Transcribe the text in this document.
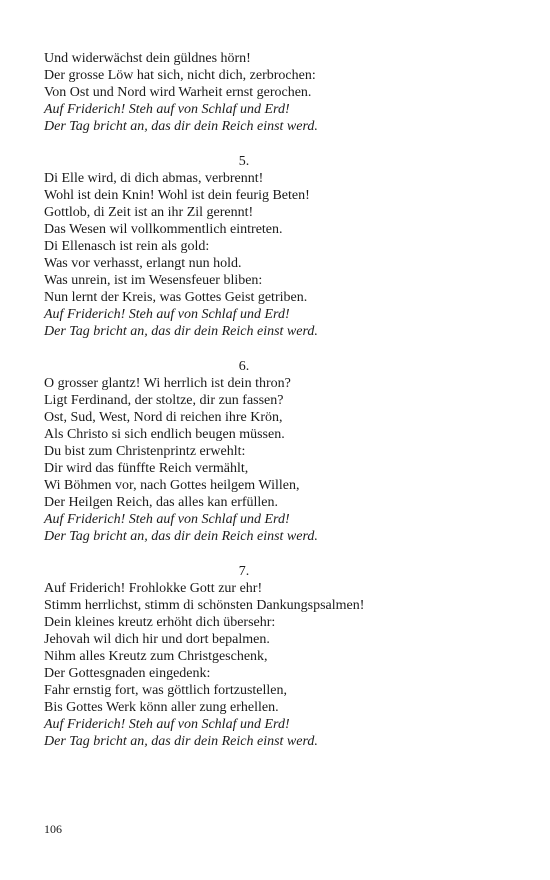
Und widerwächst dein güldnes hörn!
Der grosse Löw hat sich, nicht dich, zerbrochen:
Von Ost und Nord wird Warheit ernst gerochen.
Auf Friderich! Steh auf von Schlaf und Erd!
Der Tag bricht an, das dir dein Reich einst werd.
5.
Di Elle wird, di dich abmas, verbrennt!
Wohl ist dein Knin! Wohl ist dein feurig Beten!
Gottlob, di Zeit ist an ihr Zil gerennt!
Das Wesen wil vollkommentlich eintreten.
Di Ellenasch ist rein als gold:
Was vor verhasst, erlangt nun hold.
Was unrein, ist im Wesensfeuer bliben:
Nun lernt der Kreis, was Gottes Geist getriben.
Auf Friderich! Steh auf von Schlaf und Erd!
Der Tag bricht an, das dir dein Reich einst werd.
6.
O grosser glantz! Wi herrlich ist dein thron?
Ligt Ferdinand, der stoltze, dir zun fassen?
Ost, Sud, West, Nord di reichen ihre Krön,
Als Christo si sich endlich beugen müssen.
Du bist zum Christenprintz erwehlt:
Dir wird das fünffte Reich vermählt,
Wi Böhmen vor, nach Gottes heilgem Willen,
Der Heilgen Reich, das alles kan erfüllen.
Auf Friderich! Steh auf von Schlaf und Erd!
Der Tag bricht an, das dir dein Reich einst werd.
7.
Auf Friderich! Frohlokke Gott zur ehr!
Stimm herrlichst, stimm di schönsten Dankungspsalmen!
Dein kleines kreutz erhöht dich übersehr:
Jehovah wil dich hir und dort bepalmen.
Nihm alles Kreutz zum Christgeschenk,
Der Gottesgnaden eingedenk:
Fahr ernstig fort, was göttlich fortzustellen,
Bis Gottes Werk könn aller zung erhellen.
Auf Friderich! Steh auf von Schlaf und Erd!
Der Tag bricht an, das dir dein Reich einst werd.
106
